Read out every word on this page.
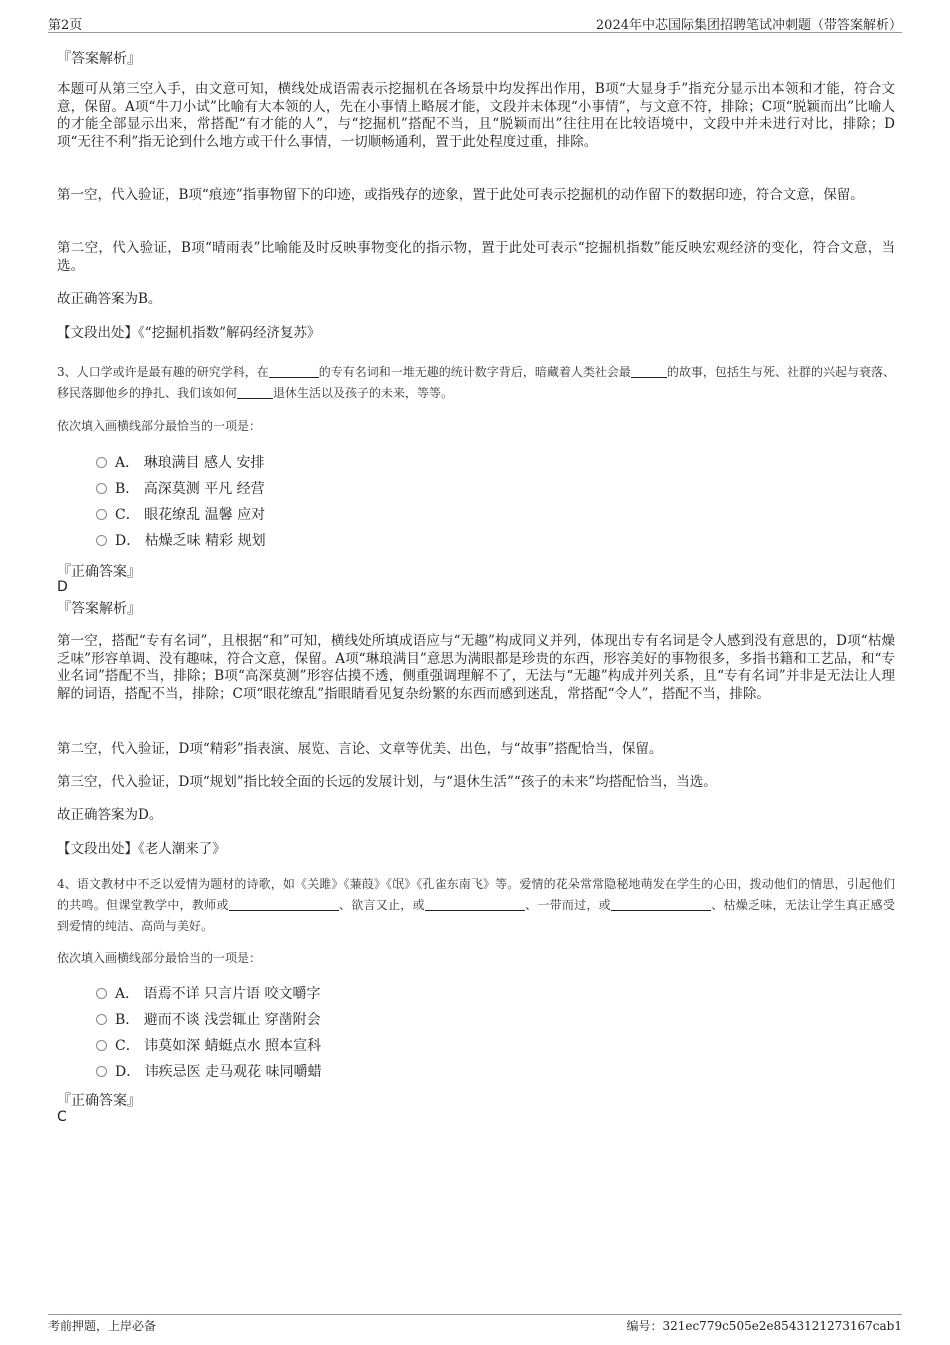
第2页	2024年中芯国际集团招聘笔试冲刺题（带答案解析）
『答案解析』
本题可从第三空入手，由文意可知，横线处成语需表示挖掘机在各场景中均发挥出作用，B项“大显身手”指充分显示出本领和才能，符合文意，保留。A项“牛刀小试”比喻有大本领的人，先在小事情上略展才能，文段并未体现“小事情”，与文意不符，排除；C项“脱颖而出”比喻人的才能全部显示出来，常搭配“有才能的人”，与“挖掘机”搭配不当，且“脱颖而出”往往用在比较语境中，文段中并未进行对比，排除；D项“无往不利”指无论到什么地方或干什么事情，一切顺畅通利，置于此处程度过重，排除。
第一空，代入验证，B项“痕迹”指事物留下的印迹，或指残存的迹象，置于此处可表示挖掘机的动作留下的数据印迹，符合文意，保留。
第二空，代入验证，B项“晴雨表”比喻能及时反映事物变化的指示物，置于此处可表示“挖掘机指数”能反映宏观经济的变化，符合文意，当选。
故正确答案为B。
【文段出处】《“挖掘机指数”解码经济复苏》
3、人口学或许是最有趣的研究学科，在	的专有名词和一堆无趣的统计数字背后，暗藏着人类社会最	的故事，包括生与死、社群的兴起与衰落、移民落脚他乡的挣扎、我们该如何	退休生活以及孩子的未来，等等。
依次填入画横线部分最恰当的一项是：
A． 琳琅满目 感人 安排
B． 高深莫测 平凡 经营
C． 眼花缭乱 温馨 应对
D． 枯燥乏味 精彩 规划
『正确答案』
D
『答案解析』
第一空，搭配“专有名词”，且根据“和”可知，横线处所填成语应与“无趣”构成同义并列，体现出专有名词是令人感到没有意思的，D项“枯燥乏味”形容单调、没有趣味，符合文意，保留。A项“琳琅满目”意思为满眼都是珍贵的东西，形容美好的事物很多，多指书籍和工艺品，和“专业名词”搭配不当，排除；B项“高深莫测”形容估摸不透，侧重强调理解不了，无法与“无趣”构成并列关系，且“专有名词”并非是无法让人理解的词语，搭配不当，排除；C项“眼花缭乱”指眼睛看见复杂纷繁的东西而感到迷乱，常搭配“令人”，搭配不当，排除。
第二空，代入验证，D项“精彩”指表演、展览、言论、文章等优美、出色，与“故事”搭配恰当，保留。
第三空，代入验证，D项“规划”指比较全面的长远的发展计划，与“退休生活”“孩子的未来”均搭配恰当，当选。
故正确答案为D。
【文段出处】《老人潮来了》
4、语文教材中不乏以爱情为题材的诗歌，如《关雎》《蒹葭》《氓》《孔雀东南飞》等。爱情的花朵常常隐秘地萌发在学生的心田，拨动他们的情思，引起他们的共鸣。但课堂教学中，教师或	、欲言又止，或	、一带而过，或	、枯燥乏味，无法让学生真正感受到爱情的纯洁、高尚与美好。
依次填入画横线部分最恰当的一项是：
A． 语焉不详 只言片语 咬文嚼字
B． 避而不谈 浅尝辄止 穿凿附会
C． 讳莫如深 蜻蜓点水 照本宣科
D． 讳疾忌医 走马观花 味同嚼蜡
『正确答案』
C
考前押题，上岸必备	编号：321ec779c505e2e8543121273167cab1
